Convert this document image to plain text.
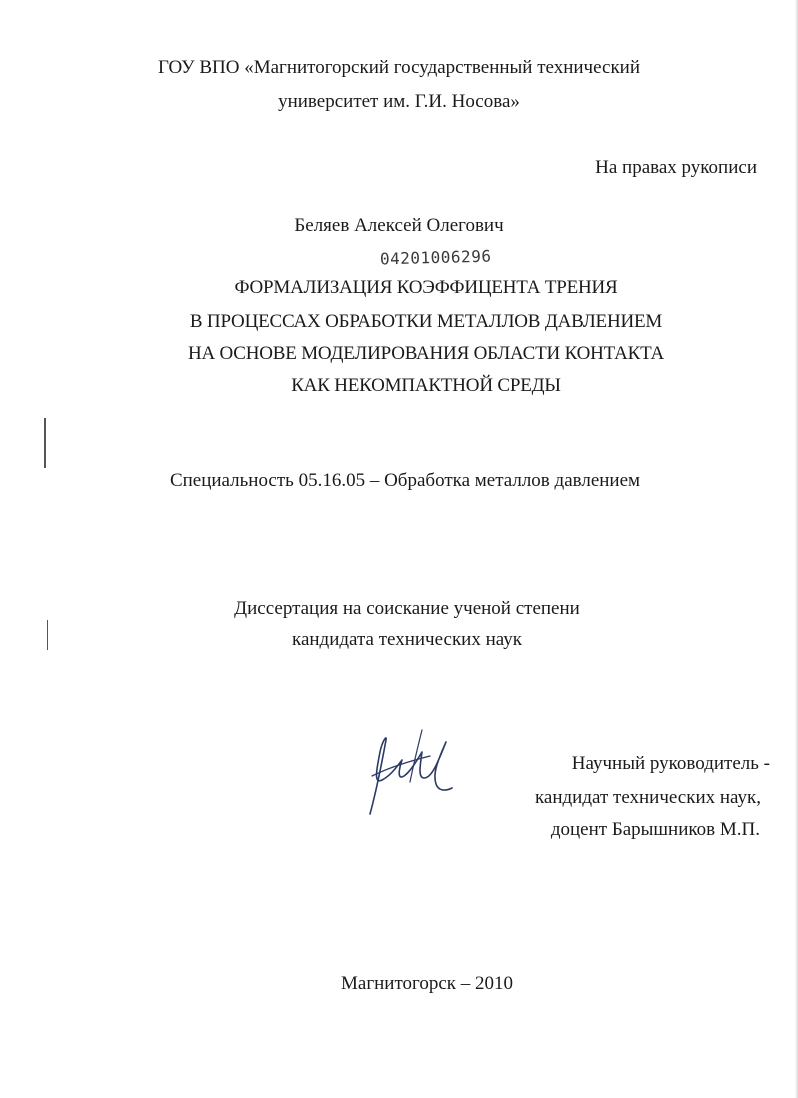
ГОУ ВПО «Магнитогорский государственный технический
университет им. Г.И. Носова»
На правах рукописи
Беляев Алексей Олегович
04201006296
ФОРМАЛИЗАЦИЯ КОЭФФИЦЕНТА ТРЕНИЯ
В ПРОЦЕССАХ ОБРАБОТКИ МЕТАЛЛОВ ДАВЛЕНИЕМ
НА ОСНОВЕ МОДЕЛИРОВАНИЯ ОБЛАСТИ КОНТАКТА
КАК НЕКОМПАКТНОЙ СРЕДЫ
Специальность 05.16.05 – Обработка металлов давлением
Диссертация на соискание ученой степени
кандидата технических наук
Научный руководитель -
кандидат технических наук,
доцент Барышников М.П.
Магнитогорск – 2010
